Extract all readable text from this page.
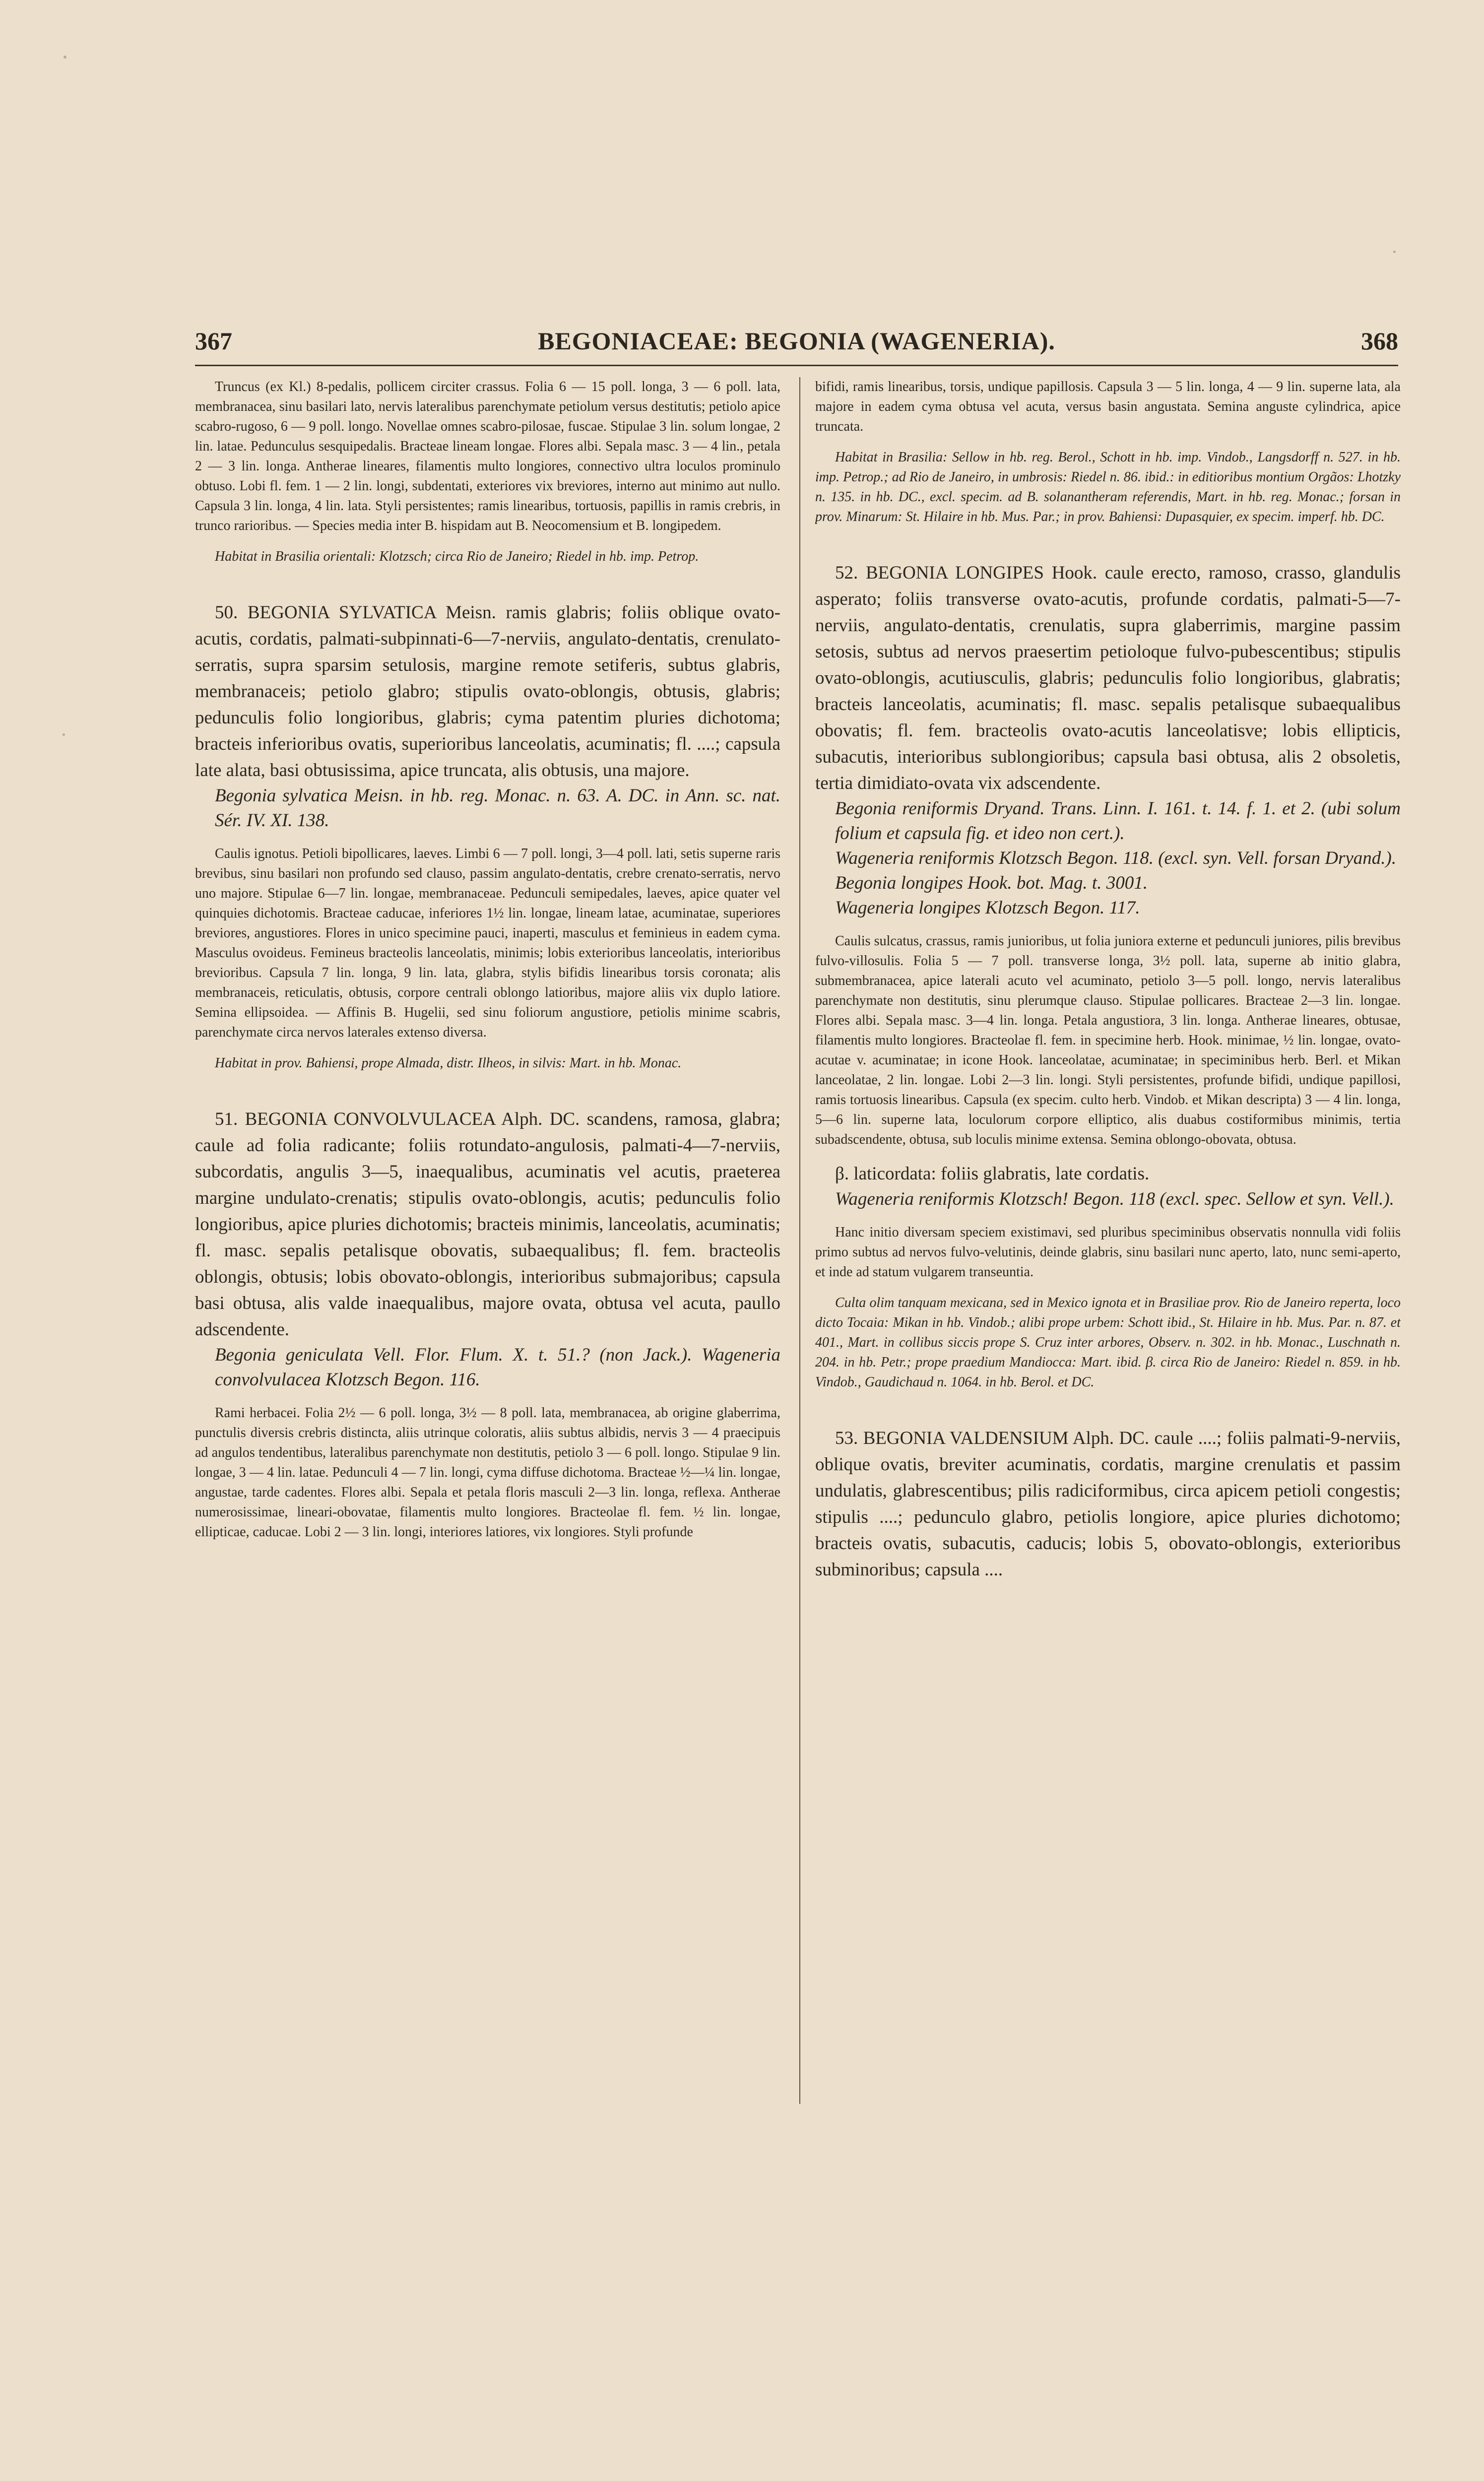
367	BEGONIACEAE: BEGONIA (WAGENERIA).	368

Truncus (ex Kl.) 8-pedalis, pollicem circiter crassus. Folia 6 — 15 poll. longa, 3 — 6 poll. lata, membranacea, sinu basilari lato, nervis lateralibus parenchymate petiolum versus destitutis; petiolo apice scabro-rugoso, 6 — 9 poll. longo. Novellae omnes scabro-pilosae, fuscae. Stipulae 3 lin. solum longae, 2 lin. latae. Pedunculus sesquipedalis. Bracteae lineam longae. Flores albi. Sepala masc. 3 — 4 lin., petala 2 — 3 lin. longa. Antherae lineares, filamentis multo longiores, connectivo ultra loculos prominulo obtuso. Lobi fl. fem. 1 — 2 lin. longi, subdentati, exteriores vix breviores, interno aut minimo aut nullo. Capsula 3 lin. longa, 4 lin. lata. Styli persistentes; ramis linearibus, tortuosis, papillis in ramis crebris, in trunco rarioribus. — Species media inter B. hispidam aut B. Neocomensium et B. longipedem.

Habitat in Brasilia orientali: Klotzsch; circa Rio de Janeiro; Riedel in hb. imp. Petrop.

50. BEGONIA SYLVATICA Meisn. ramis glabris; foliis oblique ovato-acutis, cordatis, palmati-subpinnati-6—7-nerviis, angulato-dentatis, crenulato-serratis, supra sparsim setulosis, margine remote setiferis, subtus glabris, membranaceis; petiolo glabro; stipulis ovato-oblongis, obtusis, glabris; pedunculis folio longioribus, glabris; cyma patentim pluries dichotoma; bracteis inferioribus ovatis, superioribus lanceolatis, acuminatis; fl. ....; capsula late alata, basi obtusissima, apice truncata, alis obtusis, una majore.

Begonia sylvatica Meisn. in hb. reg. Monac. n. 63. A. DC. in Ann. sc. nat. Sér. IV. XI. 138.

Caulis ignotus. Petioli bipollicares, laeves. Limbi 6 — 7 poll. longi, 3—4 poll. lati, setis superne raris brevibus, sinu basilari non profundo sed clauso, passim angulato-dentatis, crebre crenato-serratis, nervo uno majore. Stipulae 6—7 lin. longae, membranaceae. Pedunculi semipedales, laeves, apice quater vel quinquies dichotomis. Bracteae caducae, inferiores 1½ lin. longae, lineam latae, acuminatae, superiores breviores, angustiores. Flores in unico specimine pauci, inaperti, masculus et feminieus in eadem cyma. Masculus ovoideus. Femineus bracteolis lanceolatis, minimis; lobis exterioribus lanceolatis, interioribus brevioribus. Capsula 7 lin. longa, 9 lin. lata, glabra, stylis bifidis linearibus torsis coronata; alis membranaceis, reticulatis, obtusis, corpore centrali oblongo latioribus, majore aliis vix duplo latiore. Semina ellipsoidea. — Affinis B. Hugelii, sed sinu foliorum angustiore, petiolis minime scabris, parenchymate circa nervos laterales extenso diversa.

Habitat in prov. Bahiensi, prope Almada, distr. Ilheos, in silvis: Mart. in hb. Monac.

51. BEGONIA CONVOLVULACEA Alph. DC. scandens, ramosa, glabra; caule ad folia radicante; foliis rotundato-angulosis, palmati-4—7-nerviis, subcordatis, angulis 3—5, inaequalibus, acuminatis vel acutis, praeterea margine undulato-crenatis; stipulis ovato-oblongis, acutis; pedunculis folio longioribus, apice pluries dichotomis; bracteis minimis, lanceolatis, acuminatis; fl. masc. sepalis petalisque obovatis, subaequalibus; fl. fem. bracteolis oblongis, obtusis; lobis obovato-oblongis, interioribus submajoribus; capsula basi obtusa, alis valde inaequalibus, majore ovata, obtusa vel acuta, paullo adscendente.

Begonia geniculata Vell. Flor. Flum. X. t. 51.? (non Jack.). Wageneria convolvulacea Klotzsch Begon. 116.

Rami herbacei. Folia 2½ — 6 poll. longa, 3½ — 8 poll. lata, membranacea, ab origine glaberrima, punctulis diversis crebris distincta, aliis utrinque coloratis, aliis subtus albidis, nervis 3 — 4 praecipuis ad angulos tendentibus, lateralibus parenchymate non destitutis, petiolo 3 — 6 poll. longo. Stipulae 9 lin. longae, 3 — 4 lin. latae. Pedunculi 4 — 7 lin. longi, cyma diffuse dichotoma. Bracteae ½—¼ lin. longae, angustae, tarde cadentes. Flores albi. Sepala et petala floris masculi 2—3 lin. longa, reflexa. Antherae numerosissimae, lineari-obovatae, filamentis multo longiores. Bracteolae fl. fem. ½ lin. longae, ellipticae, caducae. Lobi 2 — 3 lin. longi, interiores latiores, vix longiores. Styli profunde

bifidi, ramis linearibus, torsis, undique papillosis. Capsula 3 — 5 lin. longa, 4 — 9 lin. superne lata, ala majore in eadem cyma obtusa vel acuta, versus basin angustata. Semina anguste cylindrica, apice truncata.

Habitat in Brasilia: Sellow in hb. reg. Berol., Schott in hb. imp. Vindob., Langsdorff n. 527. in hb. imp. Petrop.; ad Rio de Janeiro, in umbrosis: Riedel n. 86. ibid.: in editioribus montium Orgãos: Lhotzky n. 135. in hb. DC., excl. specim. ad B. solanantheram referendis, Mart. in hb. reg. Monac.; forsan in prov. Minarum: St. Hilaire in hb. Mus. Par.; in prov. Bahiensi: Dupasquier, ex specim. imperf. hb. DC.

52. BEGONIA LONGIPES Hook. caule erecto, ramoso, crasso, glandulis asperato; foliis transverse ovato-acutis, profunde cordatis, palmati-5—7-nerviis, angulato-dentatis, crenulatis, supra glaberrimis, margine passim setosis, subtus ad nervos praesertim petioloque fulvo-pubescentibus; stipulis ovato-oblongis, acutiusculis, glabris; pedunculis folio longioribus, glabratis; bracteis lanceolatis, acuminatis; fl. masc. sepalis petalisque subaequalibus obovatis; fl. fem. bracteolis ovato-acutis lanceolatisve; lobis ellipticis, subacutis, interioribus sublongioribus; capsula basi obtusa, alis 2 obsoletis, tertia dimidiato-ovata vix adscendente.

Begonia reniformis Dryand. Trans. Linn. I. 161. t. 14. f. 1. et 2. (ubi solum folium et capsula fig. et ideo non cert.).

Wageneria reniformis Klotzsch Begon. 118. (excl. syn. Vell. forsan Dryand.).

Begonia longipes Hook. bot. Mag. t. 3001.

Wageneria longipes Klotzsch Begon. 117.

Caulis sulcatus, crassus, ramis junioribus, ut folia juniora externe et pedunculi juniores, pilis brevibus fulvo-villosulis. Folia 5 — 7 poll. transverse longa, 3½ poll. lata, superne ab initio glabra, submembranacea, apice laterali acuto vel acuminato, petiolo 3—5 poll. longo, nervis lateralibus parenchymate non destitutis, sinu plerumque clauso. Stipulae pollicares. Bracteae 2—3 lin. longae. Flores albi. Sepala masc. 3—4 lin. longa. Petala angustiora, 3 lin. longa. Antherae lineares, obtusae, filamentis multo longiores. Bracteolae fl. fem. in specimine herb. Hook. minimae, ½ lin. longae, ovato-acutae v. acuminatae; in icone Hook. lanceolatae, acuminatae; in speciminibus herb. Berl. et Mikan lanceolatae, 2 lin. longae. Lobi 2—3 lin. longi. Styli persistentes, profunde bifidi, undique papillosi, ramis tortuosis linearibus. Capsula (ex specim. culto herb. Vindob. et Mikan descripta) 3 — 4 lin. longa, 5—6 lin. superne lata, loculorum corpore elliptico, alis duabus costiformibus minimis, tertia subadscendente, obtusa, sub loculis minime extensa. Semina oblongo-obovata, obtusa.

β. laticordata: foliis glabratis, late cordatis.

Wageneria reniformis Klotzsch! Begon. 118 (excl. spec. Sellow et syn. Vell.).

Hanc initio diversam speciem existimavi, sed pluribus speciminibus observatis nonnulla vidi foliis primo subtus ad nervos fulvo-velutinis, deinde glabris, sinu basilari nunc aperto, lato, nunc semi-aperto, et inde ad statum vulgarem transeuntia.

Culta olim tanquam mexicana, sed in Mexico ignota et in Brasiliae prov. Rio de Janeiro reperta, loco dicto Tocaia: Mikan in hb. Vindob.; alibi prope urbem: Schott ibid., St. Hilaire in hb. Mus. Par. n. 87. et 401., Mart. in collibus siccis prope S. Cruz inter arbores, Observ. n. 302. in hb. Monac., Luschnath n. 204. in hb. Petr.; prope praedium Mandiocca: Mart. ibid. β. circa Rio de Janeiro: Riedel n. 859. in hb. Vindob., Gaudichaud n. 1064. in hb. Berol. et DC.

53. BEGONIA VALDENSIUM Alph. DC. caule ....; foliis palmati-9-nerviis, oblique ovatis, breviter acuminatis, cordatis, margine crenulatis et passim undulatis, glabrescentibus; pilis radiciformibus, circa apicem petioli congestis; stipulis ....; pedunculo glabro, petiolis longiore, apice pluries dichotomo; bracteis ovatis, subacutis, caducis; lobis 5, obovato-oblongis, exterioribus subminoribus; capsula ....
